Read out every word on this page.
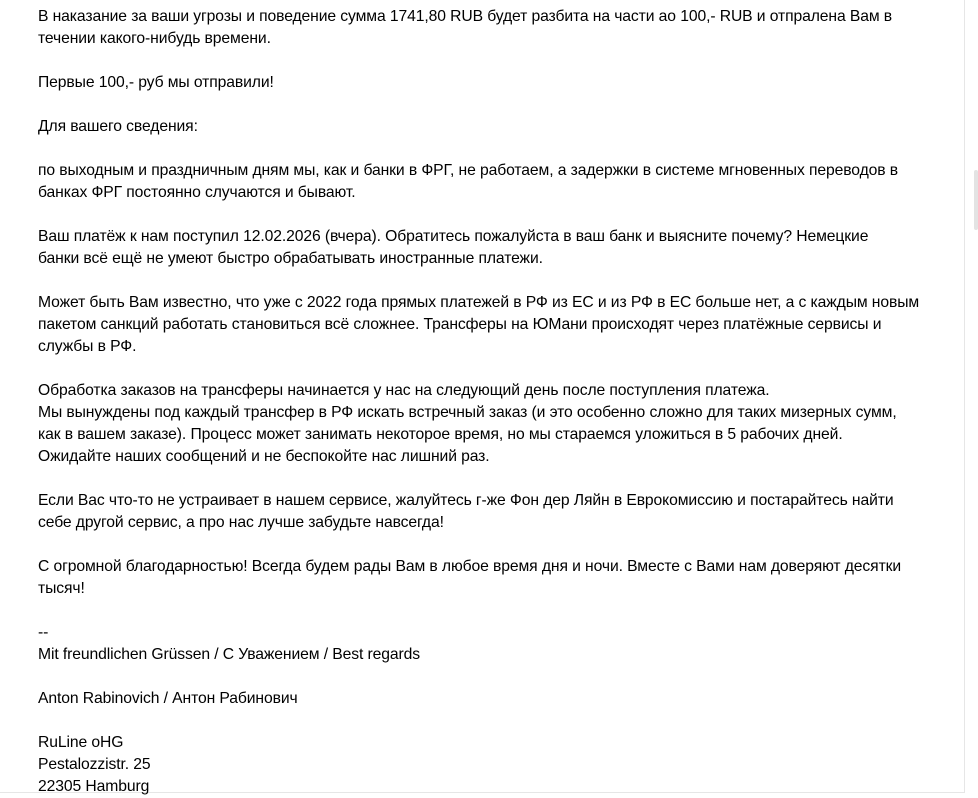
В наказание за ваши угрозы и поведение сумма 1741,80 RUB будет разбита на части ао 100,- RUB и отпралена Вам в
течении какого-нибудь времени.

Первые 100,- руб мы отправили!

Для вашего сведения:

по выходным и праздничным дням мы, как и банки в ФРГ, не работаем, а задержки в системе мгновенных переводов в
банках ФРГ постоянно случаются и бывают.

Ваш платёж к нам поступил 12.02.2026 (вчера). Обратитесь пожалуйста в ваш банк и выясните почему? Немецкие
банки всё ещё не умеют быстро обрабатывать иностранные платежи.

Может быть Вам известно, что уже с 2022 года прямых платежей в РФ из ЕС и из РФ в ЕС больше нет, а с каждым новым
пакетом санкций работать становиться всё сложнее. Трансферы на ЮМани происходят через платёжные сервисы и
службы в РФ.

Обработка заказов на трансферы начинается у нас на следующий день после поступления платежа.
Мы вынуждены под каждый трансфер в РФ искать встречный заказ (и это особенно сложно для таких мизерных сумм,
как в вашем заказе). Процесс может занимать некоторое время, но мы стараемся уложиться в 5 рабочих дней.
Ожидайте наших сообщений и не беспокойте нас лишний раз.

Если Вас что-то не устраивает в нашем сервисе, жалуйтесь г-же Фон дер Ляйн в Еврокомиссию и постарайтесь найти
себе другой сервис, а про нас лучше забудьте навсегда!

С огромной благодарностью! Всегда будем рады Вам в любое время дня и ночи. Вместе с Вами нам доверяют десятки
тысяч!

--
Mit freundlichen Grüssen / С Уважением / Best regards
Anton Rabinovich / Антон Рабинович
RuLine oHG
Pestalozzistr. 25
22305 Hamburg
